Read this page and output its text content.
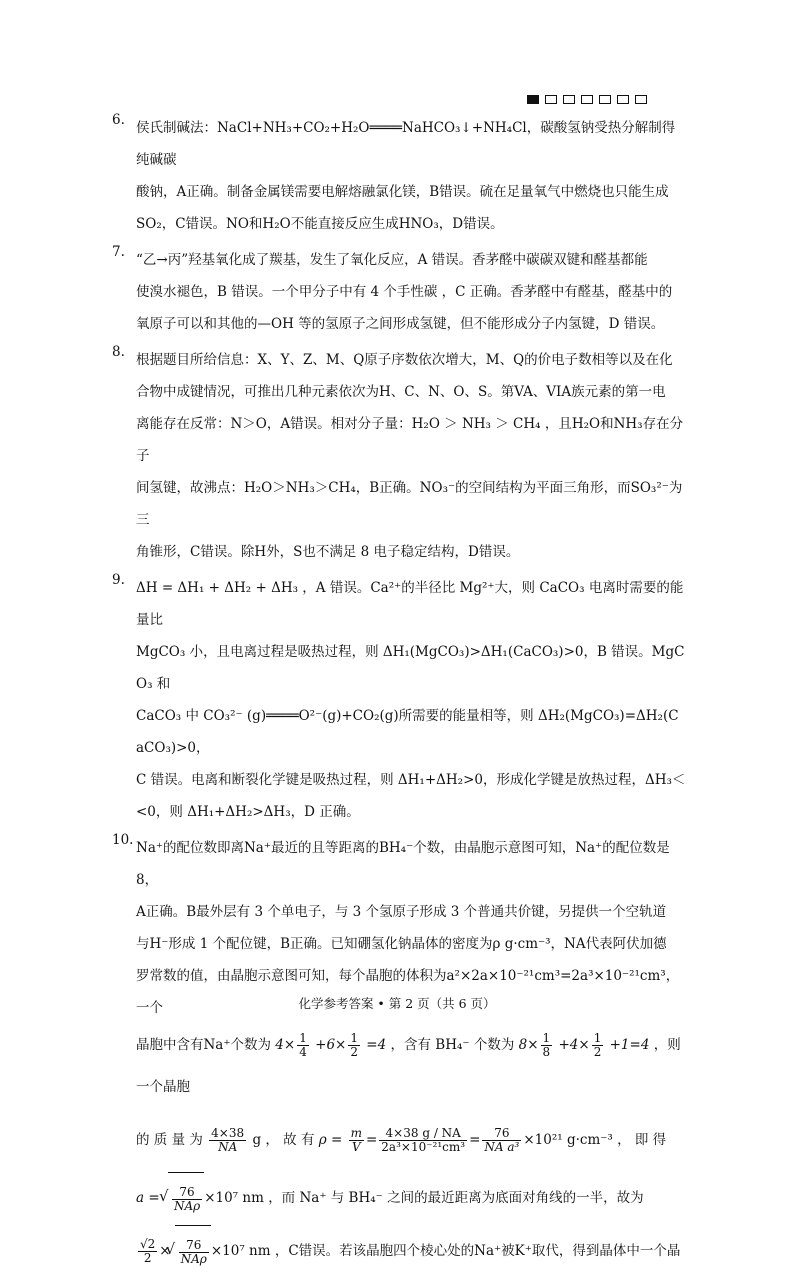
6. 侯氏制碱法：NaCl+NH₃+CO₂+H₂O════NaHCO₃↓+NH₄Cl，碳酸氢钠受热分解制得纯碱碳

酸钠，A正确。制备金属镁需要电解熔融氯化镁，B错误。硫在足量氧气中燃烧也只能生成

SO₂，C错误。NO和H₂O不能直接反应生成HNO₃，D错误。

7. “乙→丙”羟基氧化成了羰基，发生了氧化反应，A 错误。香茅醛中碳碳双键和醛基都能

使溴水褪色，B 错误。一个甲分子中有 4 个手性碳 ，C 正确。香茅醛中有醛基，醛基中的

氧原子可以和其他的—OH 等的氢原子之间形成氢键，但不能形成分子内氢键，D 错误。

8. 根据题目所给信息：X、Y、Z、M、Q原子序数依次增大，M、Q的价电子数相等以及在化

合物中成键情况，可推出几种元素依次为H、C、N、O、S。第VA、VIA族元素的第一电

离能存在反常：N＞O，A错误。相对分子量：H₂O ＞ NH₃ ＞ CH₄ ，且H₂O和NH₃存在分子

间氢键，故沸点：H₂O＞NH₃＞CH₄，B正确。NO₃⁻的空间结构为平面三角形，而SO₃²⁻为三

角锥形，C错误。除H外，S也不满足 8 电子稳定结构，D错误。

9. ΔH = ΔH₁ + ΔH₂ + ΔH₃ ，A 错误。Ca²⁺的半径比 Mg²⁺大，则 CaCO₃ 电离时需要的能量比

MgCO₃ 小，且电离过程是吸热过程，则 ΔH₁(MgCO₃)>ΔH₁(CaCO₃)>0，B 错误。MgCO₃ 和

CaCO₃ 中 CO₃²⁻ (g)════O²⁻(g)+CO₂(g)所需要的能量相等，则 ΔH₂(MgCO₃)=ΔH₂(CaCO₃)>0，

C 错误。电离和断裂化学键是吸热过程，则 ΔH₁+ΔH₂>0，形成化学键是放热过程，ΔH₃＜

<0，则 ΔH₁+ΔH₂>ΔH₃，D 正确。

10. Na⁺的配位数即离Na⁺最近的且等距离的BH₄⁻个数，由晶胞示意图可知，Na⁺的配位数是 8，

A正确。B最外层有 3 个单电子，与 3 个氢原子形成 3 个普通共价键，另提供一个空轨道

与H⁻形成 1 个配位键，B正确。已知硼氢化钠晶体的密度为ρ g·cm⁻³，NA代表阿伏加德

罗常数的值，由晶胞示意图可知，每个晶胞的体积为a²×2a×10⁻²¹cm³=2a³×10⁻²¹cm³，一个

晶胞中含有Na⁺个数为 $4\times \frac{1}{4} +6\times \frac{1}{2} =4$ ，含有 BH₄⁻ 个数为 $8\times \frac{1}{8} +4\times \frac{1}{2} +1=4$ ，则一个晶胞

的 质 量 为 $\frac{4\times 38}{NA}$ g ， 故 有 $\rho = \frac{m}{V} = \frac{4\times 38 g / NA}{\text{2a³×10⁻²¹cm³}} = \frac{76}{\text{NA a³}} \times 10^{21}$ g·cm⁻³ ， 即 得

a = √ $\frac{76}{\text{NAρ}} \times 10^7$ nm ，而 Na⁺ 与 BH₄⁻ 之间的最近距离为底面对角线的一半，故为

$\frac{√2}{2}$ × √ $\frac{76}{\text{NAρ}} \times 10^7$ nm ，C错误。若该晶胞四个棱心处的Na⁺被K⁺取代，得到晶体中一个晶

化学参考答案 • 第 2 页（共 6 页）
